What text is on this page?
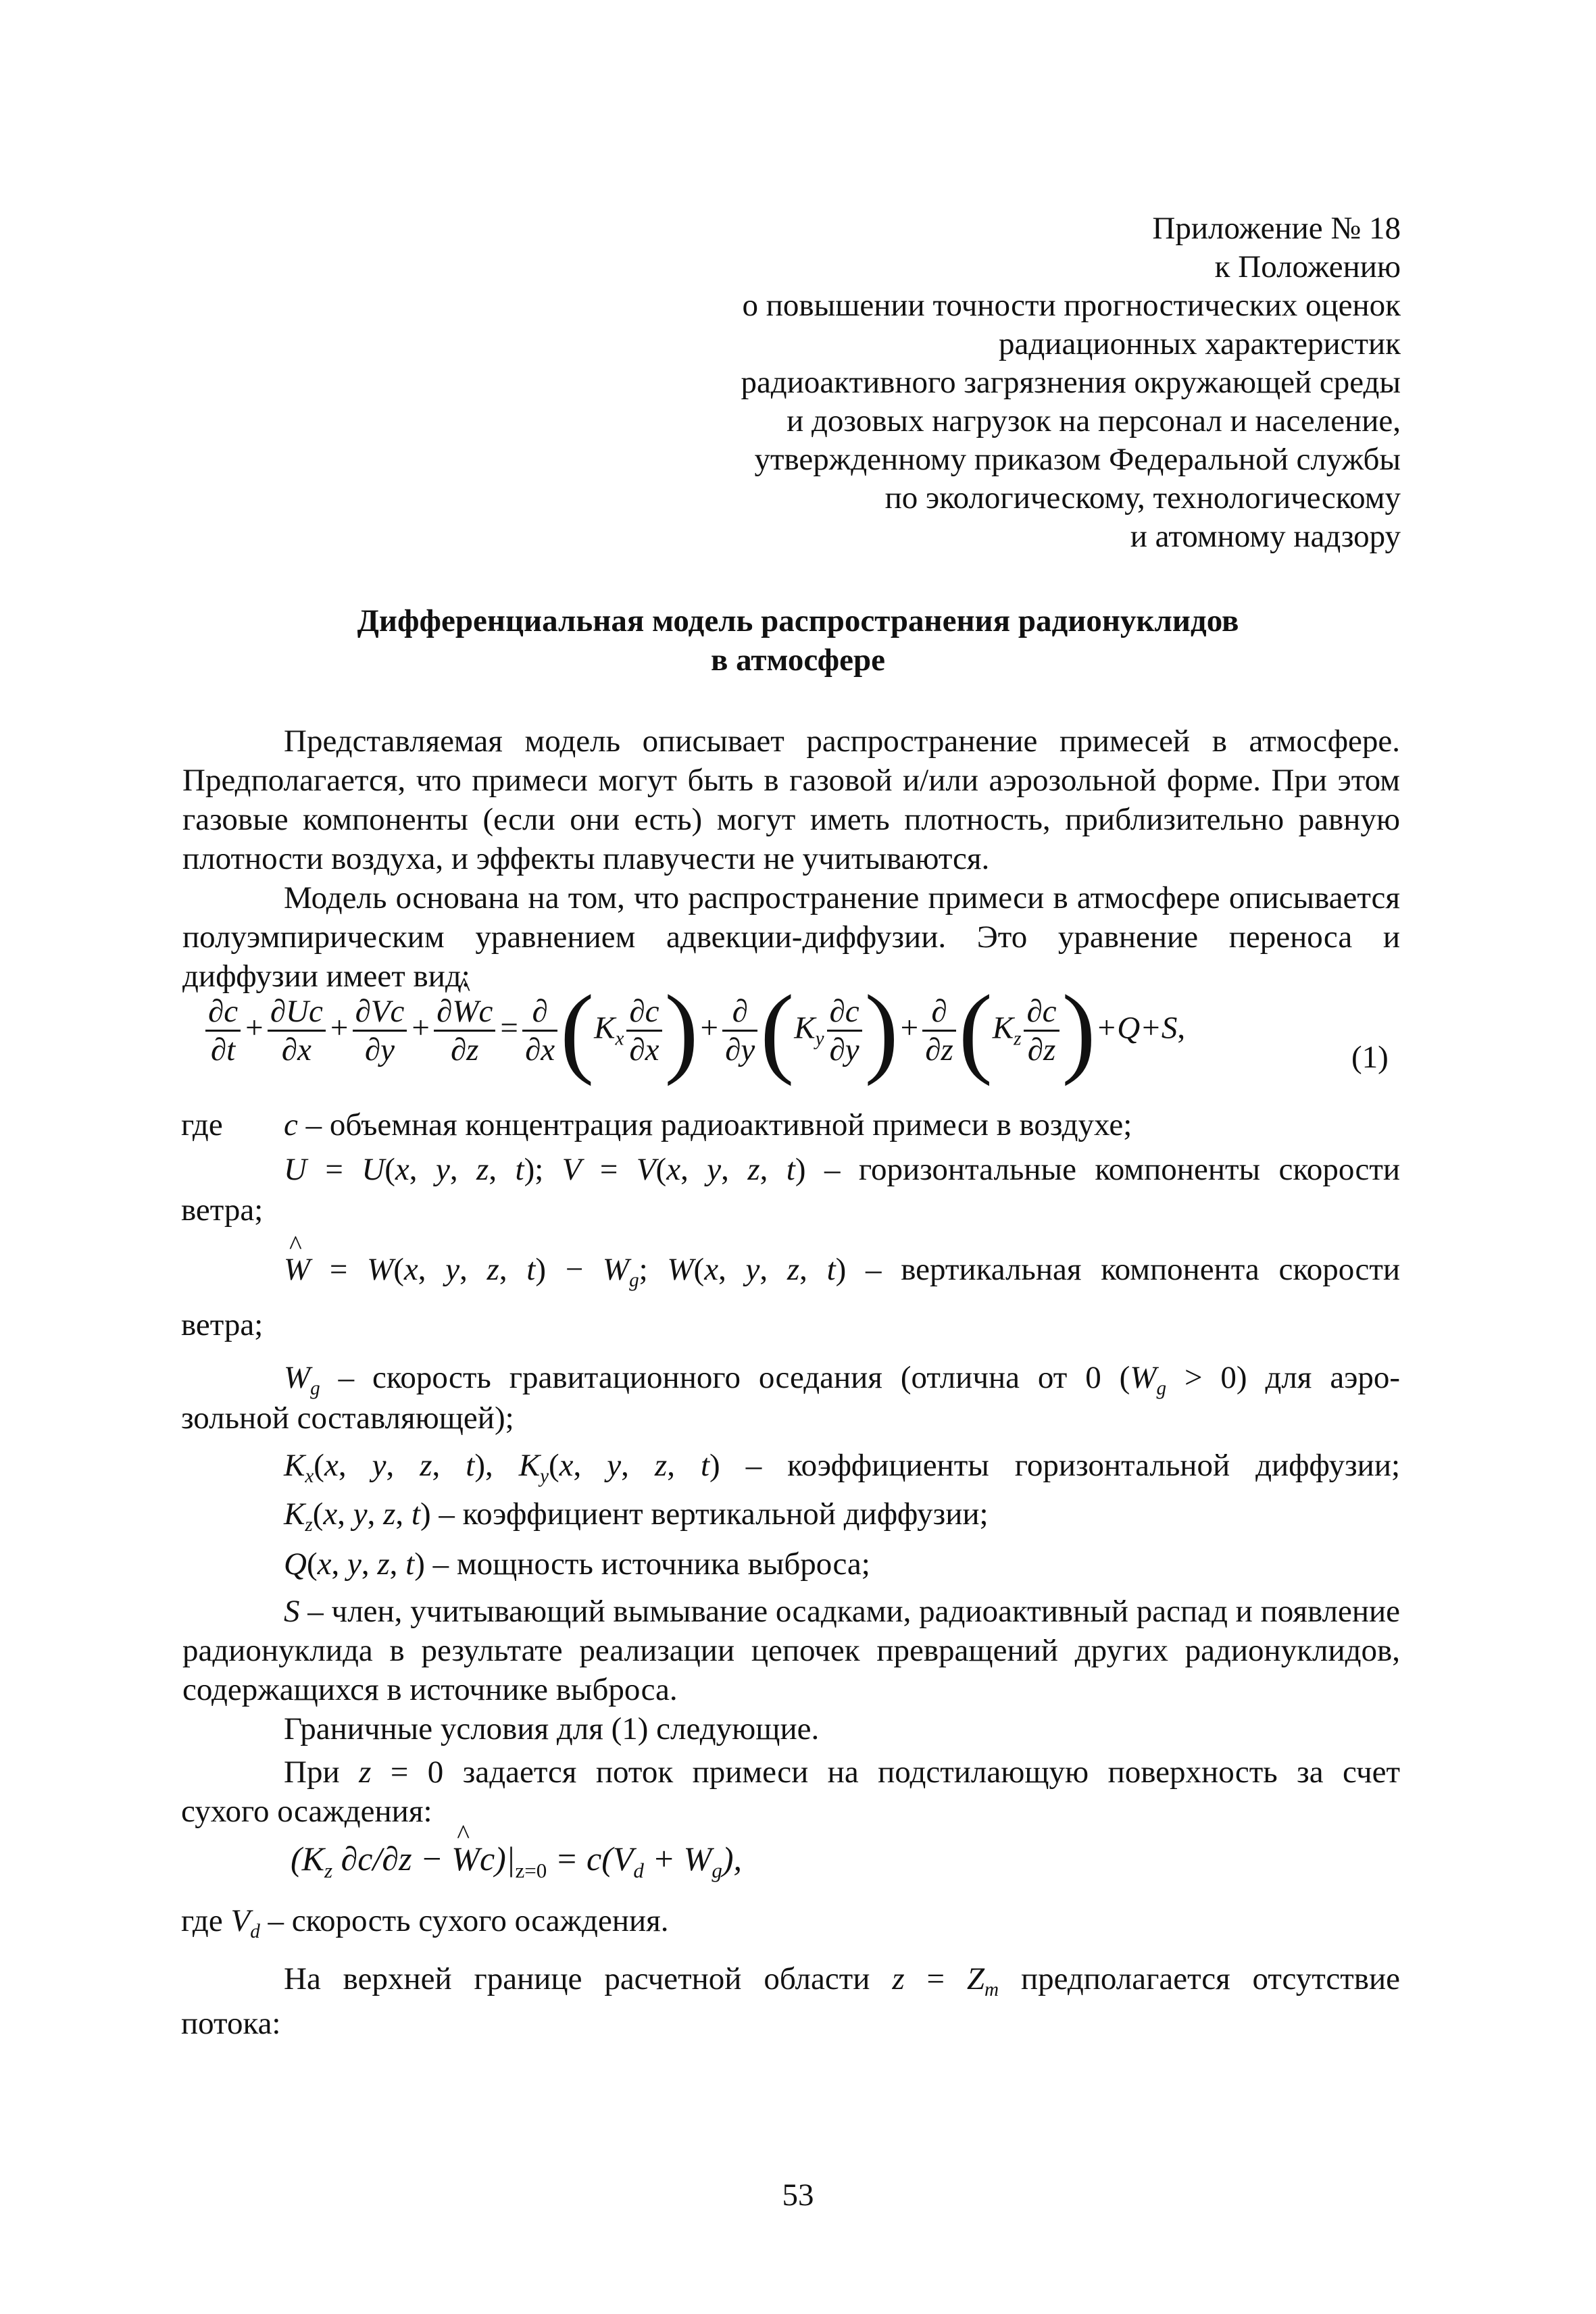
Приложение № 18
к Положению
о повышении точности прогностических оценок
радиационных характеристик
радиоактивного загрязнения окружающей среды
и дозовых нагрузок на персонал и население,
утвержденному приказом Федеральной службы
по экологическому, технологическому
и атомному надзору
Дифференциальная модель распространения радионуклидов
в атмосфере
Представляемая модель описывает распространение примесей в атмосфере. Предполагается, что примеси могут быть в газовой и/или аэрозольной форме. При этом газовые компоненты (если они есть) могут иметь плотность, приблизительно равную плотности воздуха, и эффекты плавучести не учитываются.
Модель основана на том, что распространение примеси в атмосфере описывается полуэмпирическим уравнением адвекции-диффузии. Это уравнение переноса и диффузии имеет вид:
$\frac{\partial c}{\partial t} + \frac{\partial Uc}{\partial x} + \frac{\partial Vc}{\partial y} + \frac{\partial\^{} Wc}{\partial z} = \frac{\partial}{\partial x} (K_x \frac{\partial c}{\partial x}$ )+ $\frac{\partial}{\partial y} (K_y \frac{\partial c}{\partial y}$ )+ $\frac{\partial}{\partial z} (K_z \frac{\partial c}{\partial z} )+Q+S$,
(1)
где c – объемная концентрация радиоактивной примеси в воздухе;
U = U(x, y, z, t); V = V(x, y, z, t) – горизонтальные компоненты скорости
ветра;
^ W = W(x, y, z, $t) - W_g$; W(x, y, z, t) – вертикальная компонента скорости
ветра;
$W_g$ – скорость гравитационного оседания (отлична от 0 $(W_g > 0)$ для аэро-
зольной составляющей);
$K_x(x$, y, z, t), $K_y(x$, y, z, t) – коэффициенты горизонтальной диффузии;
$K_z(x$, y, z, t) – коэффициент вертикальной диффузии;
Q(x, y, z, t) – мощность источника выброса;
S – член, учитывающий вымывание осадками, радиоактивный распад и появление радионуклида в результате реализации цепочек превращений других радионуклидов, содержащихся в источнике выброса.
Граничные условия для (1) следующие.
При z = 0 задается поток примеси на подстилающую поверхность за счет
сухого осаждения:
($K_z$ ∂c/∂z − ^ $Wc)|_{z=0} = c(V_d + W_g)$,
где $V_d$ – скорость сухого осаждения.
На верхней границе расчетной области $z = Z_m$ предполагается отсутствие
потока:
53
